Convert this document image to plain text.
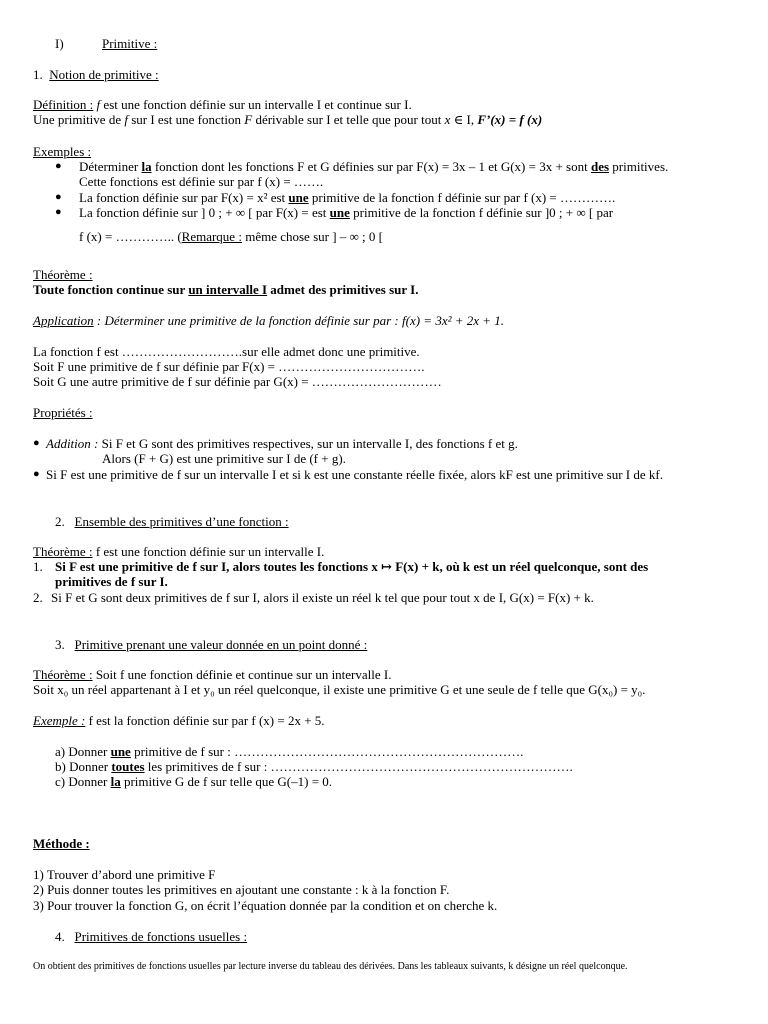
I)	Primitive :
1. Notion de primitive :
Définition : f est une fonction définie sur un intervalle I et continue sur I.
Une primitive de f sur I est une fonction F dérivable sur I et telle que pour tout x ∈ I, F’(x) = f (x)
Exemples :
● Déterminer la fonction dont les fonctions F et G définies sur par F(x) = 3x – 1 et G(x) = 3x + sont des primitives.
Cette fonctions est définie sur par f (x) = …….
● La fonction définie sur par F(x) = x² est une primitive de la fonction f définie sur par f (x) = ………….
● La fonction définie sur ] 0 ; + ∞ [ par F(x) = est une primitive de la fonction f définie sur ]0 ; + ∞ [ par
f (x) = ………….. (Remarque : même chose sur ] – ∞ ; 0 [
Théorème :
Toute fonction continue sur un intervalle I admet des primitives sur I.
Application : Déterminer une primitive de la fonction définie sur par : f(x) = 3x² + 2x + 1.
La fonction f est ……………………….sur elle admet donc une primitive.
Soit F une primitive de f sur définie par F(x) = …………………………….
Soit G une autre primitive de f sur définie par G(x) = …………………………
Propriétés :
● Addition : Si F et G sont des primitives respectives, sur un intervalle I, des fonctions f et g.
Alors (F + G) est une primitive sur I de (f + g).
● Si F est une primitive de f sur un intervalle I et si k est une constante réelle fixée, alors kF est une primitive sur I de kf.
2. Ensemble des primitives d’une fonction :
Théorème : f est une fonction définie sur un intervalle I.
1. Si F est une primitive de f sur I, alors toutes les fonctions x ↦ F(x) + k, où k est un réel quelconque, sont des
primitives de f sur I.
2. Si F et G sont deux primitives de f sur I, alors il existe un réel k tel que pour tout x de I, G(x) = F(x) + k.
3. Primitive prenant une valeur donnée en un point donné :
Théorème : Soit f une fonction définie et continue sur un intervalle I.
Soit x₀ un réel appartenant à I et y₀ un réel quelconque, il existe une primitive G et une seule de f telle que G(x₀) = y₀.
Exemple : f est la fonction définie sur par f (x) = 2x + 5.
a) Donner une primitive de f sur : ………………………………………………………….
b) Donner toutes les primitives de f sur : …………………………………………………………….
c) Donner la primitive G de f sur telle que G(–1) = 0.
Méthode :
1) Trouver d’abord une primitive F
2) Puis donner toutes les primitives en ajoutant une constante : k à la fonction F.
3) Pour trouver la fonction G, on écrit l’équation donnée par la condition et on cherche k.
4. Primitives de fonctions usuelles :
On obtient des primitives de fonctions usuelles par lecture inverse du tableau des dérivées. Dans les tableaux suivants, k désigne un réel quelconque.
